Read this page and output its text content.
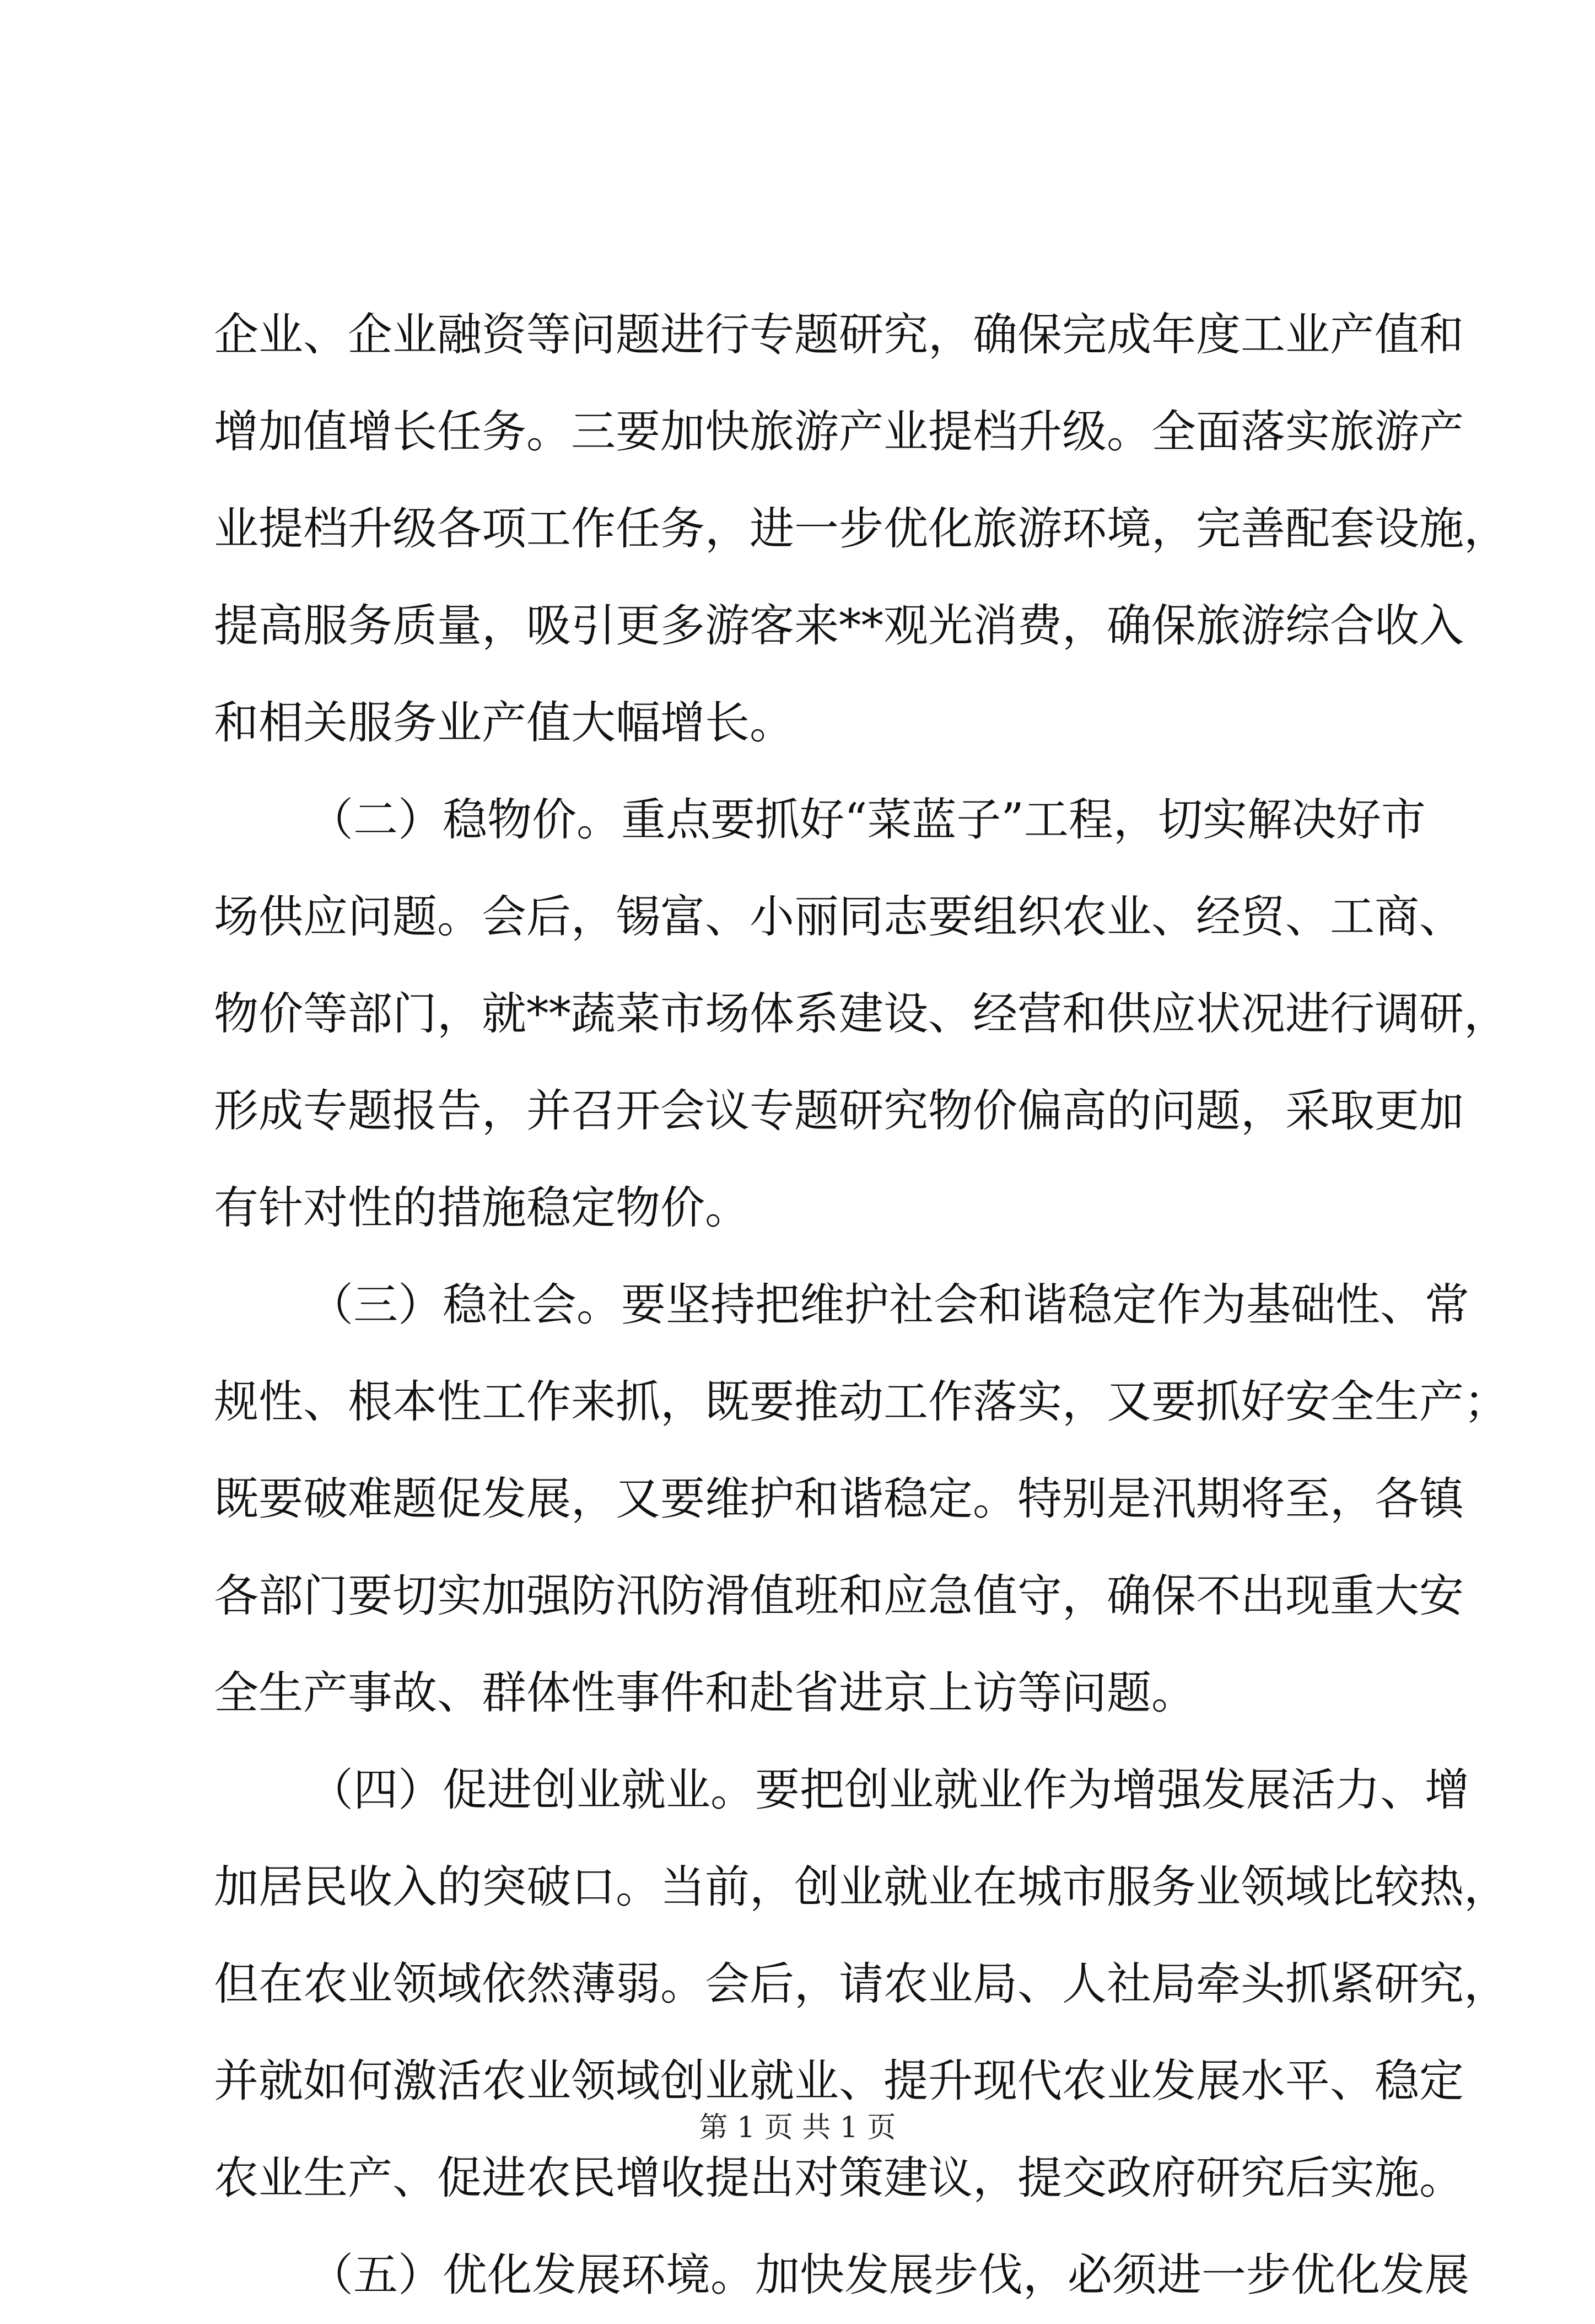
企业、企业融资等问题进行专题研究，确保完成年度工业产值和
增加值增长任务。三要加快旅游产业提档升级。全面落实旅游产
业提档升级各项工作任务，进一步优化旅游环境，完善配套设施，
提高服务质量，吸引更多游客来**观光消费，确保旅游综合收入
和相关服务业产值大幅增长。
（二）稳物价。重点要抓好“菜蓝子”工程，切实解决好市
场供应问题。会后，锡富、小丽同志要组织农业、经贸、工商、
物价等部门，就**蔬菜市场体系建设、经营和供应状况进行调研，
形成专题报告，并召开会议专题研究物价偏高的问题，采取更加
有针对性的措施稳定物价。
（三）稳社会。要坚持把维护社会和谐稳定作为基础性、常
规性、根本性工作来抓，既要推动工作落实，又要抓好安全生产；
既要破难题促发展，又要维护和谐稳定。特别是汛期将至，各镇
各部门要切实加强防汛防滑值班和应急值守，确保不出现重大安
全生产事故、群体性事件和赴省进京上访等问题。
（四）促进创业就业。要把创业就业作为增强发展活力、增
加居民收入的突破口。当前，创业就业在城市服务业领域比较热，
但在农业领域依然薄弱。会后，请农业局、人社局牵头抓紧研究，
并就如何激活农业领域创业就业、提升现代农业发展水平、稳定
农业生产、促进农民增收提出对策建议，提交政府研究后实施。
（五）优化发展环境。加快发展步伐，必须进一步优化发展
第 1 页 共 1 页
